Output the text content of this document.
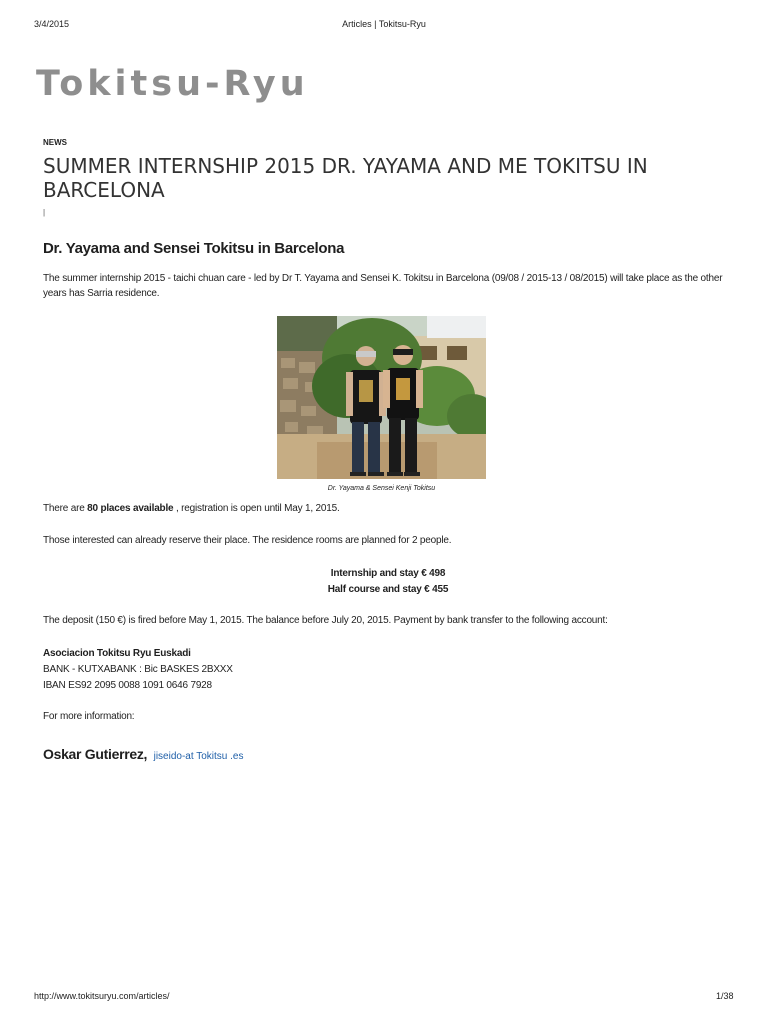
3/4/2015	Articles | Tokitsu-Ryu
Tokitsu-Ryu
NEWS
SUMMER INTERNSHIP 2015 DR. YAYAMA AND ME TOKITSU IN BARCELONA
|
Dr. Yayama and Sensei Tokitsu in Barcelona

The summer internship 2015 - taichi chuan care - led by Dr T. Yayama and Sensei K. Tokitsu in Barcelona (09/08 / 2015-13 / 08/2015) will take place as the other years has Sarria residence.

Dr. Yayama & Sensei Kenji Tokitsu

There are 80 places available , registration is open until May 1, 2015.

Those interested can already reserve their place. The residence rooms are planned for 2 people.

Internship and stay € 498
Half course and stay € 455

The deposit (150 €) is fired before May 1, 2015. The balance before July 20, 2015. Payment by bank transfer to the following account:

Asociacion Tokitsu Ryu Euskadi
BANK - KUTXABANK : Bic BASKES 2BXXX
IBAN ES92 2095 0088 1091 0646 7928

For more information:

Oskar Gutierrez, jiseido-at Tokitsu .es
http://www.tokitsuryu.com/articles/	1/38
